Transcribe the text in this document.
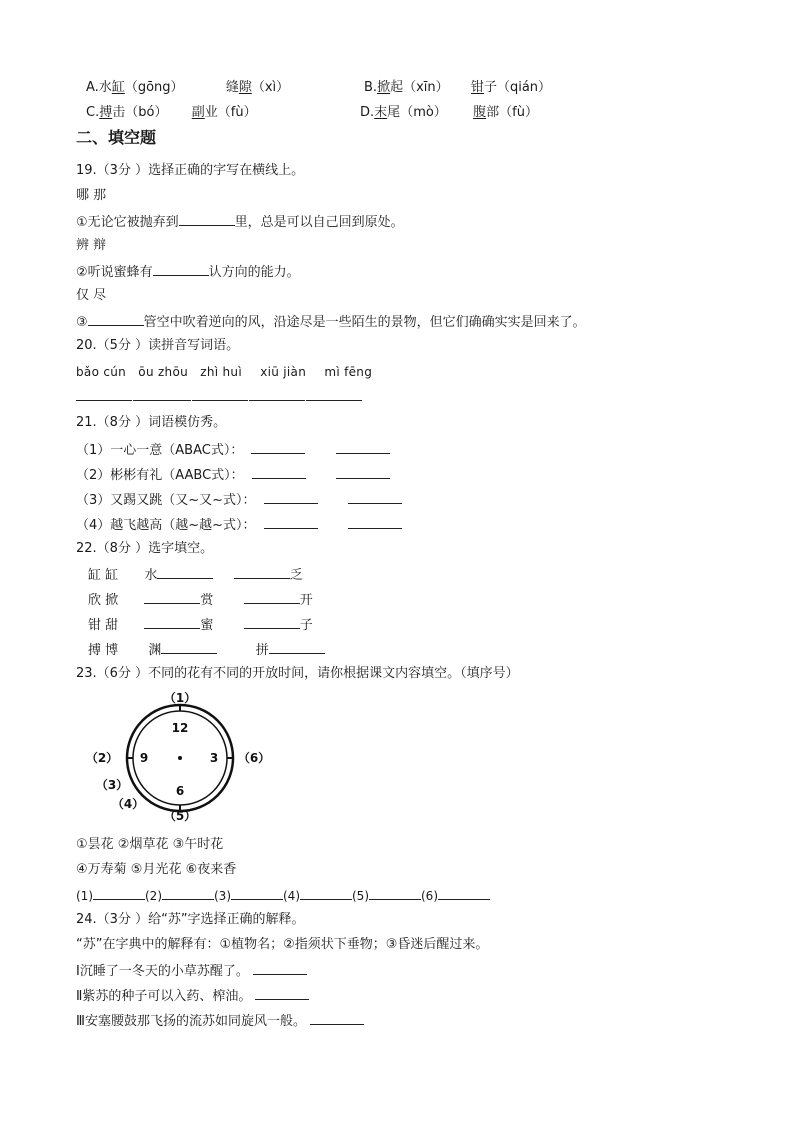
A.水缸（gōng）	缝隙（xì）	B.掀起（xīn） 钳子（qián）
C.搏击（bó） 副业（fù）	D.末尾（mò） 腹部（fù）
二、填空题
19.（3分 ）选择正确的字写在横线上。
哪 那
①无论它被抛弃到	里，总是可以自己回到原处。
辨 辩
②听说蜜蜂有	认方向的能力。
仅 尽
③	管空中吹着逆向的风，沿途尽是一些陌生的景物，但它们确确实实是回来了。
20.（5分 ）读拼音写词语。
bǎo cún ōu zhōu zhì huì xiū jiàn mì fēng
21.（8分 ）词语模仿秀。
（1）一心一意（ABAC式）：
（2）彬彬有礼（AABC式）：
（3）又踢又跳（又~又~式）：
（4）越飞越高（越~越~式）：
22.（8分 ）选字填空。
缸 缸 水	乏
欣 掀	赏	开
钳 甜	蜜	子
搏 博 渊	拼
23.（6分 ）不同的花有不同的开放时间，请你根据课文内容填空。（填序号）
12
3
6
9
（1）
（2）
（3）
（4）
（5）
（6）
①昙花 ②烟草花 ③午时花
④万寿菊 ⑤月光花 ⑥夜来香
(1)	(2)	(3)	(4)	(5)	(6)
24.（3分 ）给“苏”字选择正确的解释。
“苏”在字典中的解释有：①植物名；②指须状下垂物；③昏迷后醒过来。
Ⅰ沉睡了一冬天的小草苏醒了。
Ⅱ紫苏的种子可以入药、榨油。
Ⅲ安塞腰鼓那飞扬的流苏如同旋风一般。
